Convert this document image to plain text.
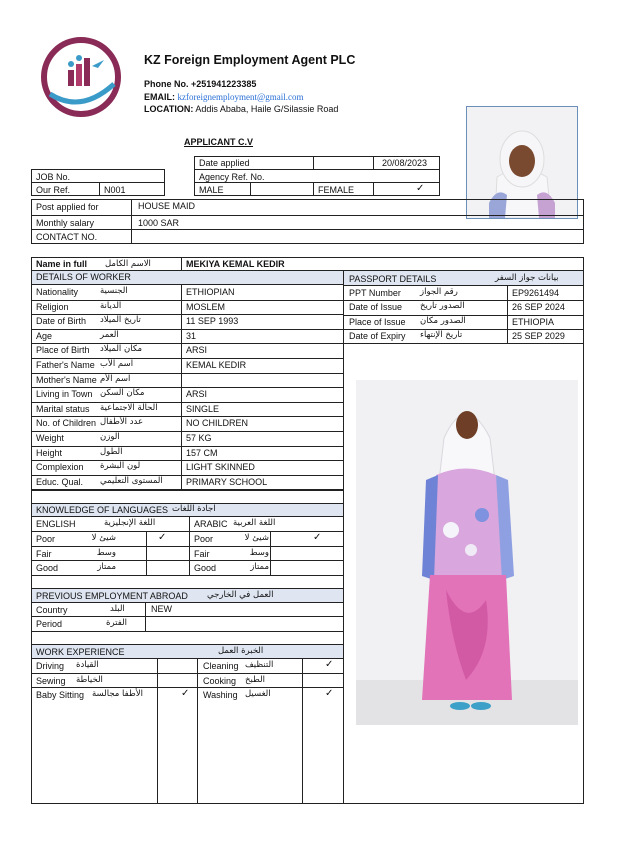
KZ Foreign Employment Agent PLC
Phone No. +251941223385
EMAIL: kzforeignemployment@gmail.com
LOCATION: Addis Ababa, Haile G/Silassie Road
APPLICANT C.V
Date applied	20/08/2023
JOB No.	Agency Ref. No.
Our Ref.	N001	MALE	FEMALE	✓
Post applied for	HOUSE MAID
Monthly salary	1000 SAR
CONTACT NO.
Name in full الاسم الكامل	MEKIYA KEMAL KEDIR
DETAILS OF WORKER
Nationality	الجنسية	ETHIOPIAN
Religion	الديانة	MOSLEM
Date of Birth تاريخ الميلاد	11 SEP 1993
Age	العمر	31
Place of Birth مكان الميلاد	ARSI
Father's Name اسم الأب	KEMAL KEDIR
Mother's Name اسم الأم
Living in Town مكان السكن	ARSI
Marital status الحالة الاجتماعية	SINGLE
No. of Children عدد الأطفال	NO CHILDREN
Weight	الوزن	57 KG
Height	الطول	157 CM
Complexion لون البشرة	LIGHT SKINNED
Educ. Qual. المستوى التعليمي	PRIMARY SCHOOL
PASSPORT DETAILS	بيانات جواز السفر
PPT Number رقم الجواز	EP9261494
Date of Issue الصدور تاريخ	26 SEP 2024
Place of Issue الصدور مكان	ETHIOPIA
Date of Expiry تاريخ الإنتهاء	25 SEP 2029
KNOWLEDGE OF LANGUAGES اجادة اللغات
ENGLISH	اللغة الإنجليزية	ARABIC اللغة العربية
Poor	شيئ لا	✓	Poor	شيئ لا	✓
Fair	وسط	Fair	وسط
Good	ممتاز	Good	ممتاز
PREVIOUS EMPLOYMENT ABROAD العمل في الخارجي
Country	البلد	NEW
Period	الفترة
WORK EXPERIENCE	الخبرة العمل
Driving القيادة	Cleaning التنظيف	✓
Sewing الخياطة	Cooking الطبخ
Baby Sitting الأطفا مجالسة	✓ Washing الغسيل	✓
